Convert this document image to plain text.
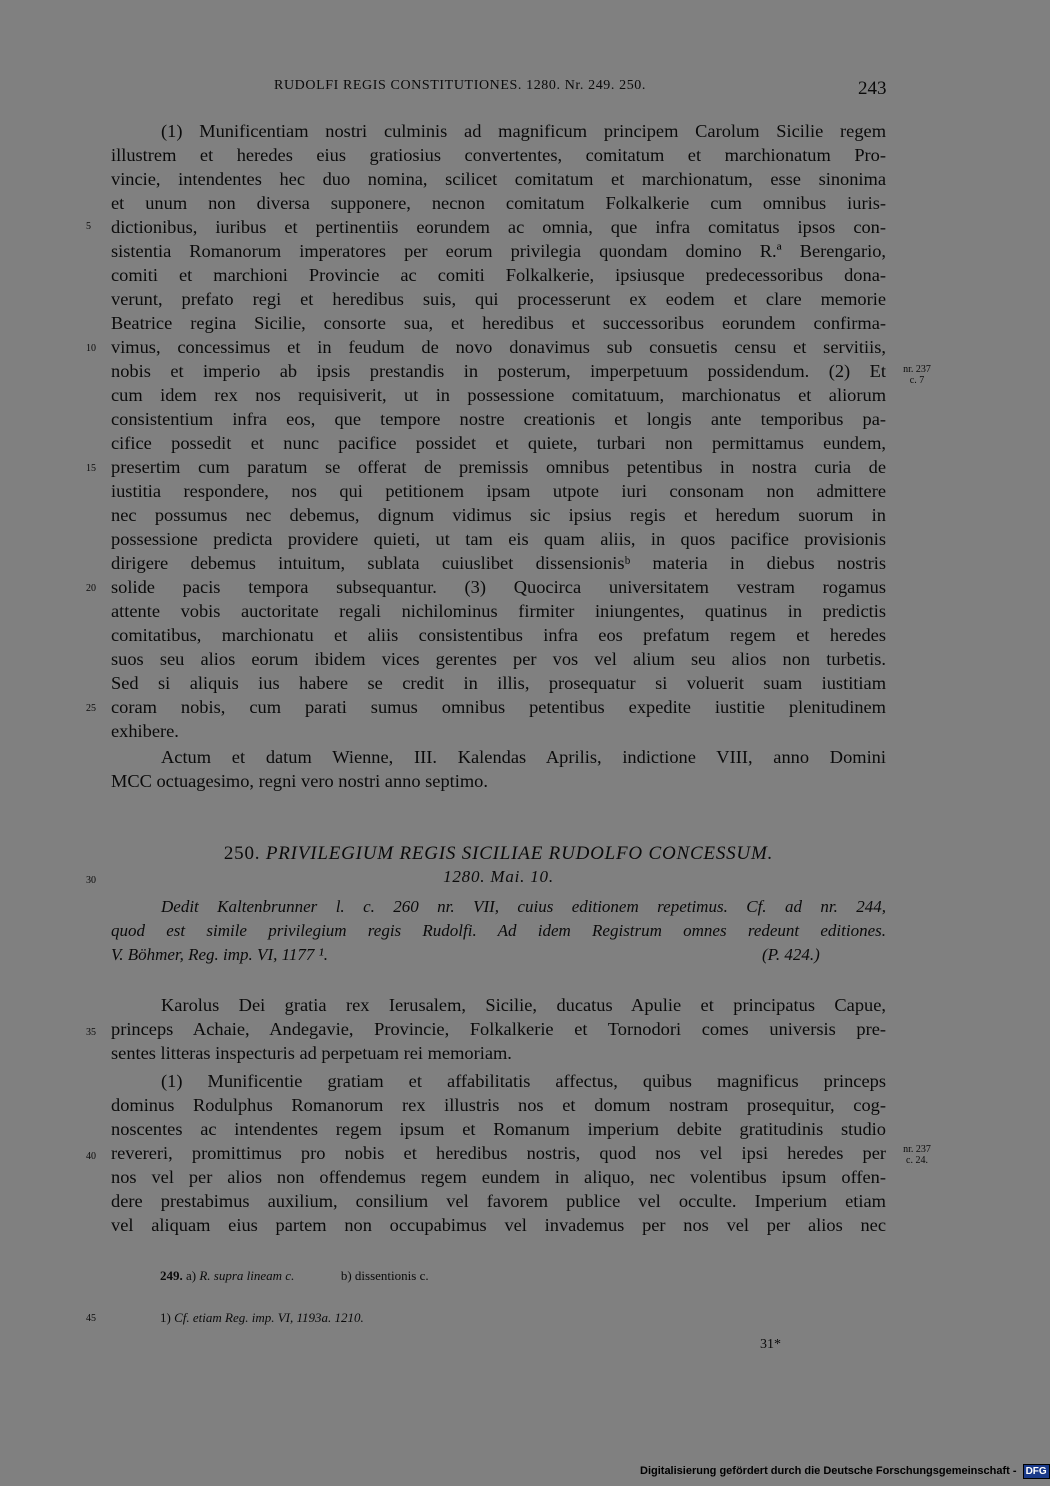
RUDOLFI REGIS CONSTITUTIONES. 1280. Nr. 249. 250.	243
(1) Munificentiam nostri culminis ad magnificum principem Carolum Sicilie regem
illustrem et heredes eius gratiosius convertentes, comitatum et marchionatum Pro-
vincie, intendentes hec duo nomina, scilicet comitatum et marchionatum, esse sinonima
et unum non diversa supponere, necnon comitatum Folkalkerie cum omnibus iuris-
dictionibus, iuribus et pertinentiis eorundem ac omnia, que infra comitatus ipsos con-
sistentia Romanorum imperatores per eorum privilegia quondam domino R.ª Berengario,
comiti et marchioni Provincie ac comiti Folkalkerie, ipsiusque predecessoribus dona-
verunt, prefato regi et heredibus suis, qui processerunt ex eodem et clare memorie
Beatrice regina Sicilie, consorte sua, et heredibus et successoribus eorundem confirma-
vimus, concessimus et in feudum de novo donavimus sub consuetis censu et servitiis,
nobis et imperio ab ipsis prestandis in posterum, imperpetuum possidendum. (2) Et
cum idem rex nos requisiverit, ut in possessione comitatuum, marchionatus et aliorum
consistentium infra eos, que tempore nostre creationis et longis ante temporibus pa-
cifice possedit et nunc pacifice possidet et quiete, turbari non permittamus eundem,
presertim cum paratum se offerat de premissis omnibus petentibus in nostra curia de
iustitia respondere, nos qui petitionem ipsam utpote iuri consonam non admittere
nec possumus nec debemus, dignum vidimus sic ipsius regis et heredum suorum in
possessione predicta providere quieti, ut tam eis quam aliis, in quos pacifice provisionis
dirigere debemus intuitum, sublata cuiuslibet dissensionisᵇ materia in diebus nostris
solide pacis tempora subsequantur. (3) Quocirca universitatem vestram rogamus
attente vobis auctoritate regali nichilominus firmiter iniungentes, quatinus in predictis
comitatibus, marchionatu et aliis consistentibus infra eos prefatum regem et heredes
suos seu alios eorum ibidem vices gerentes per vos vel alium seu alios non turbetis.
Sed si aliquis ius habere se credit in illis, prosequatur si voluerit suam iustitiam
coram nobis, cum parati sumus omnibus petentibus expedite iustitie plenitudinem
exhibere.
Actum et datum Wienne, III. Kalendas Aprilis, indictione VIII, anno Domini
MCC octuagesimo, regni vero nostri anno septimo.
250. PRIVILEGIUM REGIS SICILIAE RUDOLFO CONCESSUM.
1280. Mai. 10.
Dedit Kaltenbrunner l. c. 260 nr. VII, cuius editionem repetimus. Cf. ad nr. 244,
quod est simile privilegium regis Rudolfi. Ad idem Registrum omnes redeunt editiones.
V. Böhmer, Reg. imp. VI, 1177 ¹.	(P. 424.)
Karolus Dei gratia rex Ierusalem, Sicilie, ducatus Apulie et principatus Capue,
princeps Achaie, Andegavie, Provincie, Folkalkerie et Tornodori comes universis pre-
sentes litteras inspecturis ad perpetuam rei memoriam.
(1) Munificentie gratiam et affabilitatis affectus, quibus magnificus princeps
dominus Rodulphus Romanorum rex illustris nos et domum nostram prosequitur, cog-
noscentes ac intendentes regem ipsum et Romanum imperium debite gratitudinis studio
revereri, promittimus pro nobis et heredibus nostris, quod nos vel ipsi heredes per
nos vel per alios non offendemus regem eundem in aliquo, nec volentibus ipsum offen-
dere prestabimus auxilium, consilium vel favorem publice vel occulte. Imperium etiam
vel aliquam eius partem non occupabimus vel invademus per nos vel per alios nec
5
10
15
20
25
30
35
40
45
nr. 237
c. 7
nr. 237
c. 24.
249. a) R. supra lineam c.	b) dissentionis c.
1) Cf. etiam Reg. imp. VI, 1193a. 1210.
31*
Digitalisierung gefördert durch die Deutsche Forschungsgemeinschaft - DFG
